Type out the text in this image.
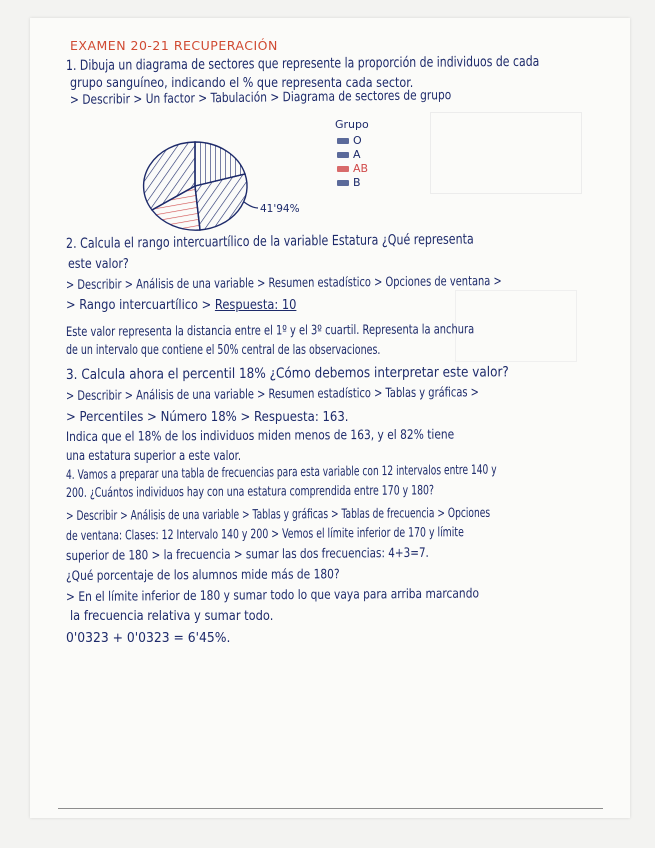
EXAMEN 20-21 RECUPERACIÓN
1. Dibuja un diagrama de sectores que represente la proporción de individuos de cada
grupo sanguíneo, indicando el % que representa cada sector.
> Describir > Un factor > Tabulación > Diagrama de sectores de grupo
41'94%
Grupo
O
A
AB
B
2. Calcula el rango intercuartílico de la variable Estatura ¿Qué representa
este valor?
> Describir > Análisis de una variable > Resumen estadístico > Opciones de ventana >
> Rango intercuartílico > Respuesta: 10
Este valor representa la distancia entre el 1º y el 3º cuartil. Representa la anchura
de un intervalo que contiene el 50% central de las observaciones.
3. Calcula ahora el percentil 18% ¿Cómo debemos interpretar este valor?
> Describir > Análisis de una variable > Resumen estadístico > Tablas y gráficas >
> Percentiles > Número 18% > Respuesta: 163.
Indica que el 18% de los individuos miden menos de 163, y el 82% tiene
una estatura superior a este valor.
4. Vamos a preparar una tabla de frecuencias para esta variable con 12 intervalos entre 140 y
200. ¿Cuántos individuos hay con una estatura comprendida entre 170 y 180?
> Describir > Análisis de una variable > Tablas y gráficas > Tablas de frecuencia > Opciones
de ventana: Clases: 12 Intervalo 140 y 200 > Vemos el límite inferior de 170 y límite
superior de 180 > la frecuencia > sumar las dos frecuencias: 4+3=7.
¿Qué porcentaje de los alumnos mide más de 180?
> En el límite inferior de 180 y sumar todo lo que vaya para arriba marcando
la frecuencia relativa y sumar todo.
0'0323 + 0'0323 = 6'45%.
